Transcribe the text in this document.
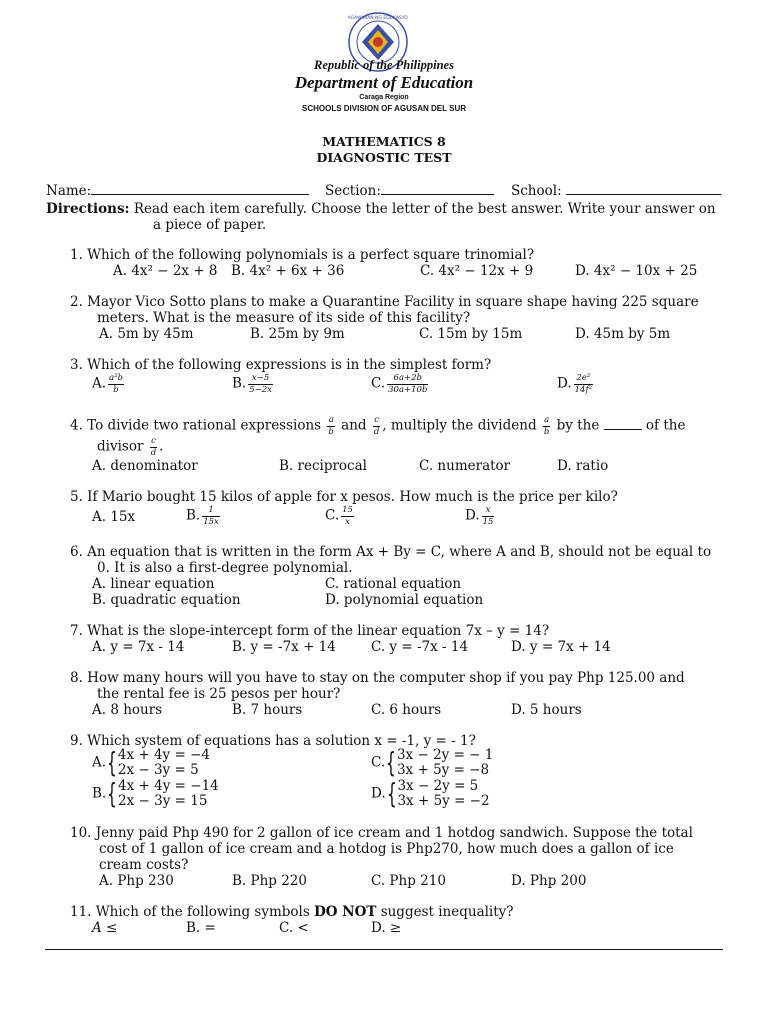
KAGAWARAN NG EDUKASYON
Republic of the Philippines
Department of Education
Caraga Region
SCHOOLS DIVISION OF AGUSAN DEL SUR
MATHEMATICS 8
DIAGNOSTIC TEST
Name:	Section:	School:
Directions: Read each item carefully. Choose the letter of the best answer. Write your answer on
a piece of paper.
1. Which of the following polynomials is a perfect square trinomial?
A. 4x² − 2x + 8 B. 4x² + 6x + 36	C. 4x² − 12x + 9	D. 4x² − 10x + 25
2. Mayor Vico Sotto plans to make a Quarantine Facility in square shape having 225 square
meters. What is the measure of its side of this facility?
A. 5m by 45m	B. 25m by 9m	C. 15m by 15m	D. 45m by 5m
3. Which of the following expressions is in the simplest form?
A. $\frac{\text{a²b}}{b}$	B. $\frac{x-5}{5-2x}$	C. $\frac{6a+2b}{30a+10b}$	D. $\frac{\text{2e²}}{\text{14f²}}$
4. To divide two rational expressions $\frac{a}{b}$ and $\frac{c}{d}$ , multiply the dividend $\frac{a}{b}$ by the	of the
divisor $\frac{c}{d}$ .
A. denominator	B. reciprocal	C. numerator	D. ratio
5. If Mario bought 15 kilos of apple for x pesos. How much is the price per kilo?
A. 15x	B. $\frac{1}{15x}$	C. $\frac{15}{x}$	D. $\frac{x}{15}$
6. An equation that is written in the form Ax + By = C, where A and B, should not be equal to
0. It is also a first-degree polynomial.
A. linear equation	C. rational equation
B. quadratic equation	D. polynomial equation
7. What is the slope-intercept form of the linear equation 7x – y = 14?
A. y = 7x - 14	B. y = -7x + 14	C. y = -7x - 14	D. y = 7x + 14
8. How many hours will you have to stay on the computer shop if you pay Php 125.00 and
the rental fee is 25 pesos per hour?
A. 8 hours	B. 7 hours	C. 6 hours	D. 5 hours
9. Which system of equations has a solution x = -1, y = - 1?
A.{ 4x + 4y = −4
2x − 3y = 5	C.{ 3x − 2y = − 1
3x + 5y = −8
B.{ 4x + 4y = −14
2x − 3y = 15	D.{ 3x − 2y = 5
3x + 5y = −2
10. Jenny paid Php 490 for 2 gallon of ice cream and 1 hotdog sandwich. Suppose the total
cost of 1 gallon of ice cream and a hotdog is Php270, how much does a gallon of ice
cream costs?
A. Php 230	B. Php 220	C. Php 210	D. Php 200
11. Which of the following symbols DO NOT suggest inequality?
A ≤	B. =	C. <	D. ≥
